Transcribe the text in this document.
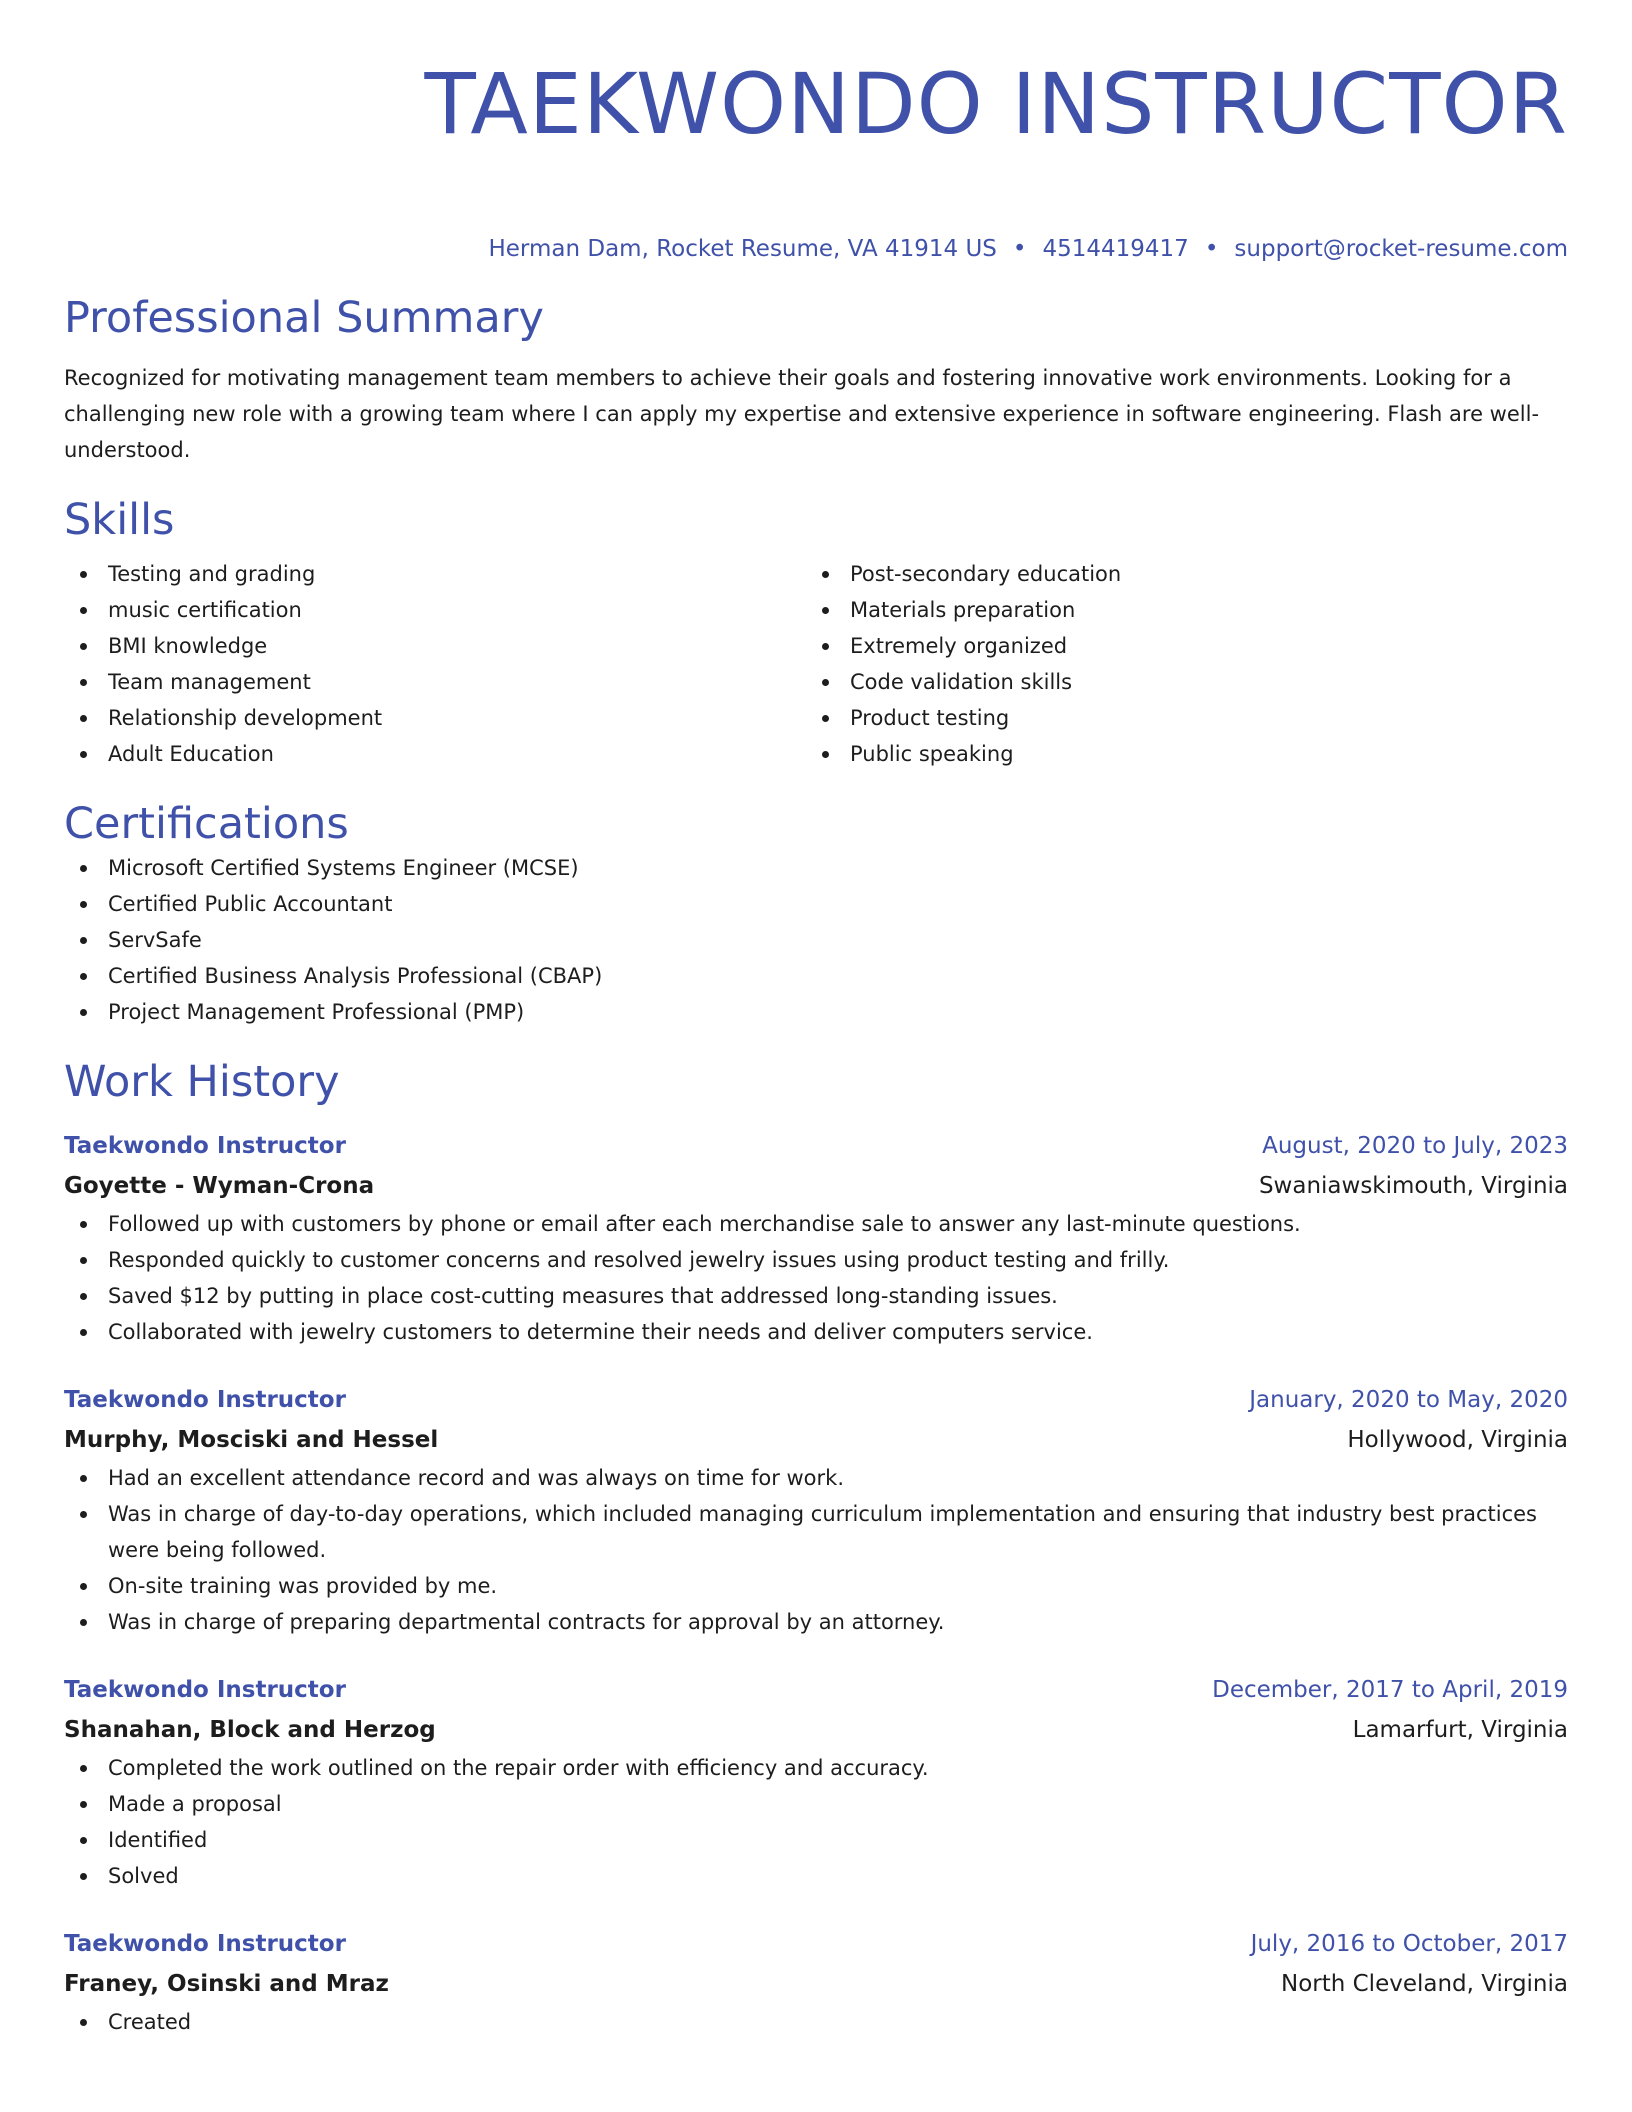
TAEKWONDO INSTRUCTOR
Herman Dam, Rocket Resume, VA 41914 US • 4514419417 • support@rocket-resume.com
Professional Summary
Recognized for motivating management team members to achieve their goals and fostering innovative work environments. Looking for a challenging new role with a growing team where I can apply my expertise and extensive experience in software engineering. Flash are well-understood.
Skills
Testing and grading
music certification
BMI knowledge
Team management
Relationship development
Adult Education
Post-secondary education
Materials preparation
Extremely organized
Code validation skills
Product testing
Public speaking
Certifications
Microsoft Certified Systems Engineer (MCSE)
Certified Public Accountant
ServSafe
Certified Business Analysis Professional (CBAP)
Project Management Professional (PMP)
Work History
Taekwondo Instructor	August, 2020 to July, 2023
Goyette - Wyman-Crona	Swaniawskimouth, Virginia
Followed up with customers by phone or email after each merchandise sale to answer any last-minute questions.
Responded quickly to customer concerns and resolved jewelry issues using product testing and frilly.
Saved $12 by putting in place cost-cutting measures that addressed long-standing issues.
Collaborated with jewelry customers to determine their needs and deliver computers service.
Taekwondo Instructor	January, 2020 to May, 2020
Murphy, Mosciski and Hessel	Hollywood, Virginia
Had an excellent attendance record and was always on time for work.
Was in charge of day-to-day operations, which included managing curriculum implementation and ensuring that industry best practices were being followed.
On-site training was provided by me.
Was in charge of preparing departmental contracts for approval by an attorney.
Taekwondo Instructor	December, 2017 to April, 2019
Shanahan, Block and Herzog	Lamarfurt, Virginia
Completed the work outlined on the repair order with efficiency and accuracy.
Made a proposal
Identified
Solved
Taekwondo Instructor	July, 2016 to October, 2017
Franey, Osinski and Mraz	North Cleveland, Virginia
Created
